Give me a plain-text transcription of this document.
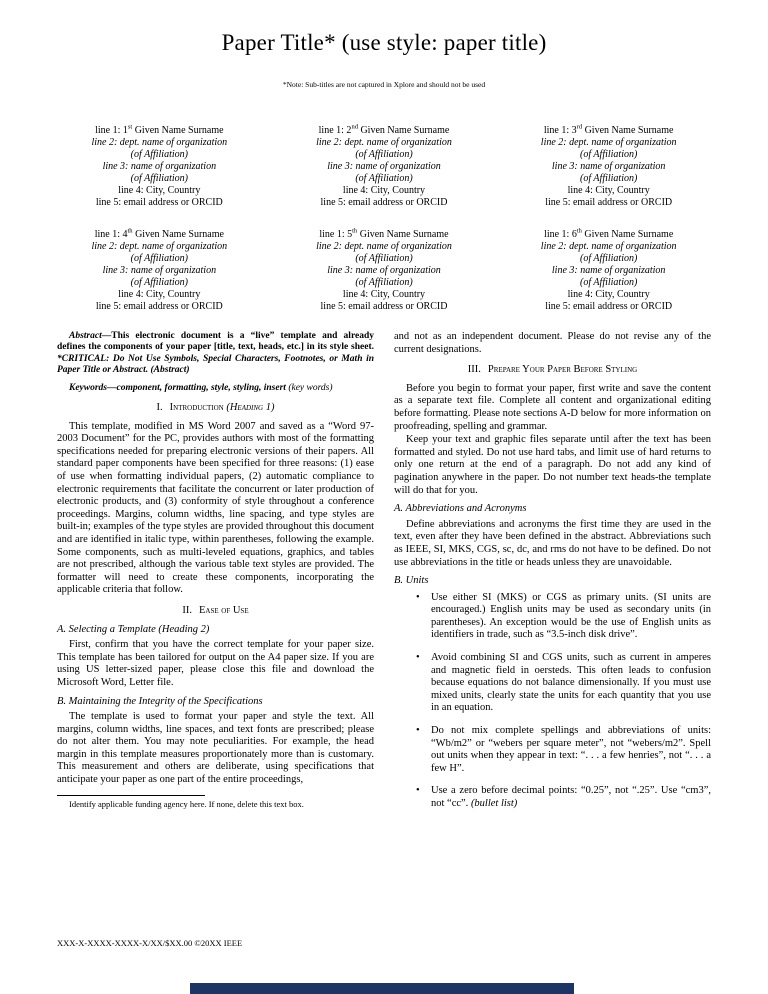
Paper Title* (use style: paper title)
*Note: Sub-titles are not captured in Xplore and should not be used
line 1: 1st Given Name Surname
line 2: dept. name of organization
(of Affiliation)
line 3: name of organization
(of Affiliation)
line 4: City, Country
line 5: email address or ORCID
line 1: 2nd Given Name Surname
line 2: dept. name of organization
(of Affiliation)
line 3: name of organization
(of Affiliation)
line 4: City, Country
line 5: email address or ORCID
line 1: 3rd Given Name Surname
line 2: dept. name of organization
(of Affiliation)
line 3: name of organization
(of Affiliation)
line 4: City, Country
line 5: email address or ORCID
line 1: 4th Given Name Surname
line 2: dept. name of organization
(of Affiliation)
line 3: name of organization
(of Affiliation)
line 4: City, Country
line 5: email address or ORCID
line 1: 5th Given Name Surname
line 2: dept. name of organization
(of Affiliation)
line 3: name of organization
(of Affiliation)
line 4: City, Country
line 5: email address or ORCID
line 1: 6th Given Name Surname
line 2: dept. name of organization
(of Affiliation)
line 3: name of organization
(of Affiliation)
line 4: City, Country
line 5: email address or ORCID

Abstract—This electronic document is a “live” template and already defines the components of your paper [title, text, heads, etc.] in its style sheet. *CRITICAL: Do Not Use Symbols, Special Characters, Footnotes, or Math in Paper Title or Abstract. (Abstract)

Keywords—component, formatting, style, styling, insert (key words)

I. Introduction (Heading 1)

This template, modified in MS Word 2007 and saved as a “Word 97-2003 Document” for the PC, provides authors with most of the formatting specifications needed for preparing electronic versions of their papers. All standard paper components have been specified for three reasons: (1) ease of use when formatting individual papers, (2) automatic compliance to electronic requirements that facilitate the concurrent or later production of electronic products, and (3) conformity of style throughout a conference proceedings. Margins, column widths, line spacing, and type styles are built-in; examples of the type styles are provided throughout this document and are identified in italic type, within parentheses, following the example. Some components, such as multi-leveled equations, graphics, and tables are not prescribed, although the various table text styles are provided. The formatter will need to create these components, incorporating the applicable criteria that follow.

II. Ease of Use
A. Selecting a Template (Heading 2)

First, confirm that you have the correct template for your paper size. This template has been tailored for output on the A4 paper size. If you are using US letter-sized paper, please close this file and download the Microsoft Word, Letter file.

B. Maintaining the Integrity of the Specifications

The template is used to format your paper and style the text. All margins, column widths, line spaces, and text fonts are prescribed; please do not alter them. You may note peculiarities. For example, the head margin in this template measures proportionately more than is customary. This measurement and others are deliberate, using specifications that anticipate your paper as one part of the entire proceedings,

Identify applicable funding agency here. If none, delete this text box.

and not as an independent document. Please do not revise any of the current designations.

III. Prepare Your Paper Before Styling

Before you begin to format your paper, first write and save the content as a separate text file. Complete all content and organizational editing before formatting. Please note sections A-D below for more information on proofreading, spelling and grammar.

Keep your text and graphic files separate until after the text has been formatted and styled. Do not use hard tabs, and limit use of hard returns to only one return at the end of a paragraph. Do not add any kind of pagination anywhere in the paper. Do not number text heads-the template will do that for you.

A. Abbreviations and Acronyms

Define abbreviations and acronyms the first time they are used in the text, even after they have been defined in the abstract. Abbreviations such as IEEE, SI, MKS, CGS, sc, dc, and rms do not have to be defined. Do not use abbreviations in the title or heads unless they are unavoidable.

B. Units
• Use either SI (MKS) or CGS as primary units. (SI units are encouraged.) English units may be used as secondary units (in parentheses). An exception would be the use of English units as identifiers in trade, such as “3.5-inch disk drive”.
• Avoid combining SI and CGS units, such as current in amperes and magnetic field in oersteds. This often leads to confusion because equations do not balance dimensionally. If you must use mixed units, clearly state the units for each quantity that you use in an equation.
• Do not mix complete spellings and abbreviations of units: “Wb/m2” or “webers per square meter”, not “webers/m2”. Spell out units when they appear in text: “. . . a few henries”, not “. . . a few H”.
• Use a zero before decimal points: “0.25”, not “.25”. Use “cm3”, not “cc”. (bullet list)
XXX-X-XXXX-XXXX-X/XX/$XX.00 ©20XX IEEE
